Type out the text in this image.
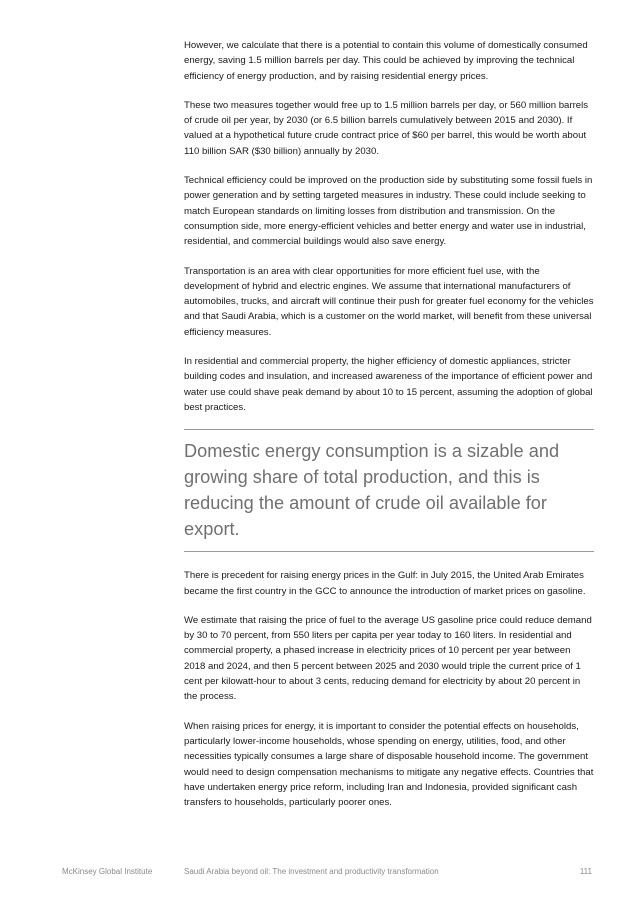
However, we calculate that there is a potential to contain this volume of domestically consumed energy, saving 1.5 million barrels per day. This could be achieved by improving the technical efficiency of energy production, and by raising residential energy prices.

These two measures together would free up to 1.5 million barrels per day, or 560 million barrels of crude oil per year, by 2030 (or 6.5 billion barrels cumulatively between 2015 and 2030). If valued at a hypothetical future crude contract price of $60 per barrel, this would be worth about 110 billion SAR ($30 billion) annually by 2030.

Technical efficiency could be improved on the production side by substituting some fossil fuels in power generation and by setting targeted measures in industry. These could include seeking to match European standards on limiting losses from distribution and transmission. On the consumption side, more energy-efficient vehicles and better energy and water use in industrial, residential, and commercial buildings would also save energy.

Transportation is an area with clear opportunities for more efficient fuel use, with the development of hybrid and electric engines. We assume that international manufacturers of automobiles, trucks, and aircraft will continue their push for greater fuel economy for the vehicles and that Saudi Arabia, which is a customer on the world market, will benefit from these universal efficiency measures.

In residential and commercial property, the higher efficiency of domestic appliances, stricter building codes and insulation, and increased awareness of the importance of efficient power and water use could shave peak demand by about 10 to 15 percent, assuming the adoption of global best practices.

Domestic energy consumption is a sizable and growing share of total production, and this is reducing the amount of crude oil available for export.

There is precedent for raising energy prices in the Gulf: in July 2015, the United Arab Emirates became the first country in the GCC to announce the introduction of market prices on gasoline.

We estimate that raising the price of fuel to the average US gasoline price could reduce demand by 30 to 70 percent, from 550 liters per capita per year today to 160 liters. In residential and commercial property, a phased increase in electricity prices of 10 percent per year between 2018 and 2024, and then 5 percent between 2025 and 2030 would triple the current price of 1 cent per kilowatt-hour to about 3 cents, reducing demand for electricity by about 20 percent in the process.

When raising prices for energy, it is important to consider the potential effects on households, particularly lower-income households, whose spending on energy, utilities, food, and other necessities typically consumes a large share of disposable household income. The government would need to design compensation mechanisms to mitigate any negative effects. Countries that have undertaken energy price reform, including Iran and Indonesia, provided significant cash transfers to households, particularly poorer ones.

McKinsey Global Institute	Saudi Arabia beyond oil: The investment and productivity transformation	111
